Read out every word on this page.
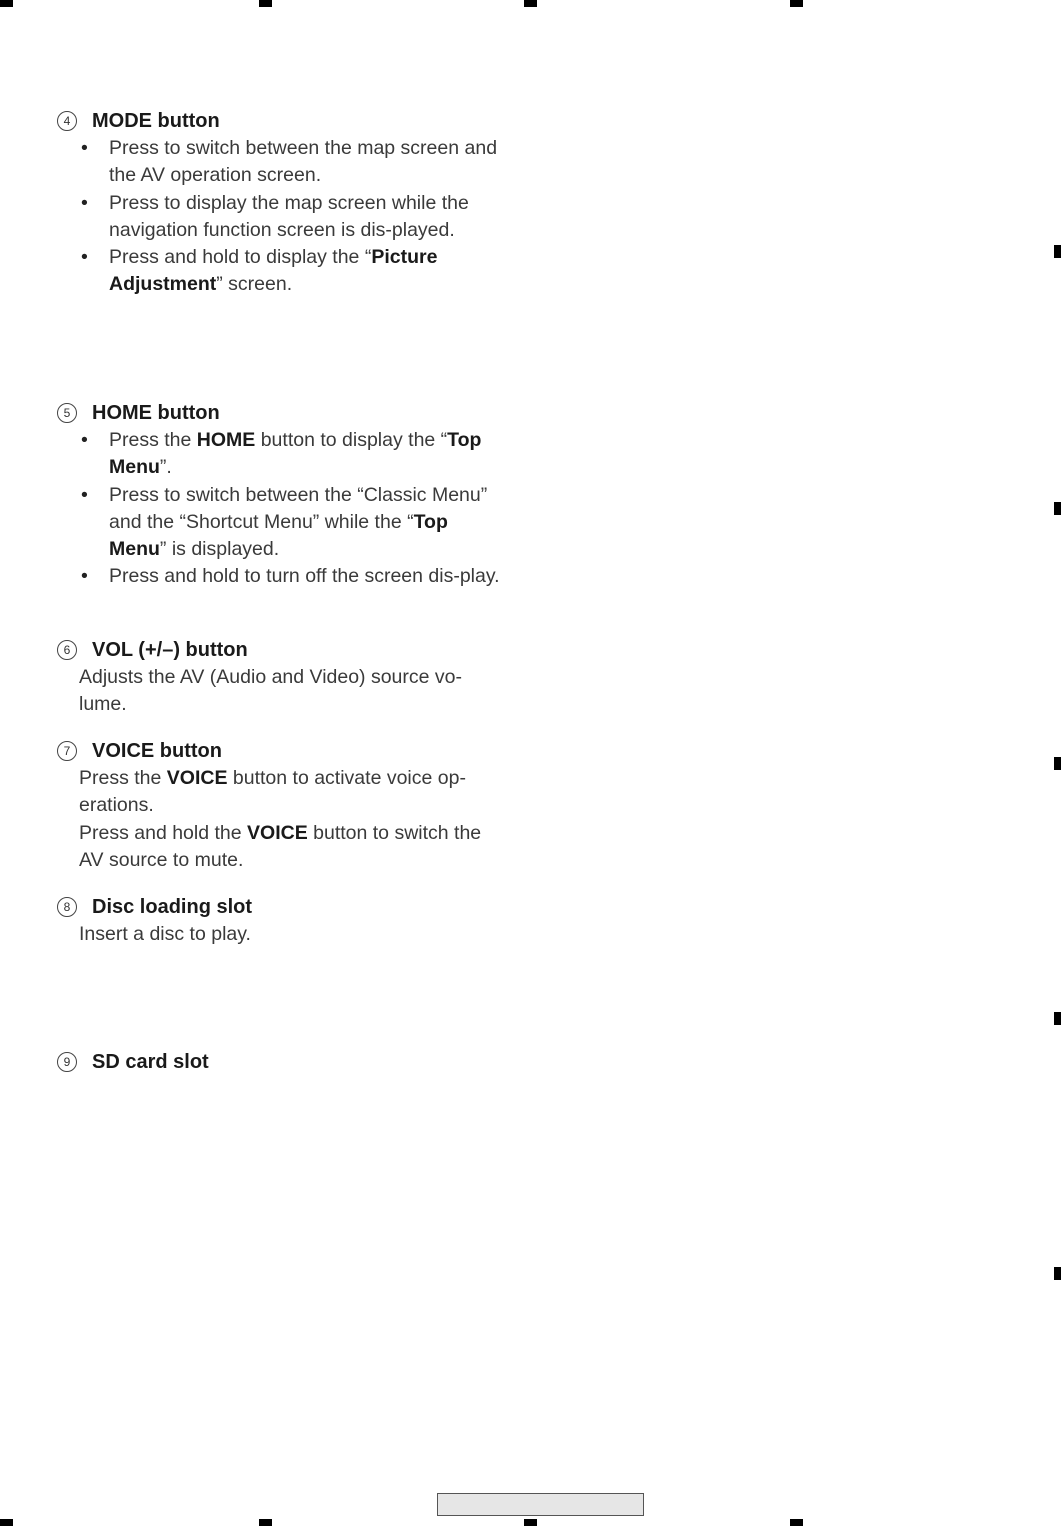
4 MODE button
• Press to switch between the map screen and the AV operation screen.
• Press to display the map screen while the navigation function screen is dis-played.
• Press and hold to display the “Picture Adjustment” screen.
5 HOME button
• Press the HOME button to display the “Top Menu”.
• Press to switch between the “Classic Menu” and the “Shortcut Menu” while the “Top Menu” is displayed.
• Press and hold to turn off the screen dis-play.
6 VOL (+/–) button
Adjusts the AV (Audio and Video) source vo-lume.
7 VOICE button
Press the VOICE button to activate voice op-erations.
Press and hold the VOICE button to switch the AV source to mute.
8 Disc loading slot
Insert a disc to play.
9 SD card slot
